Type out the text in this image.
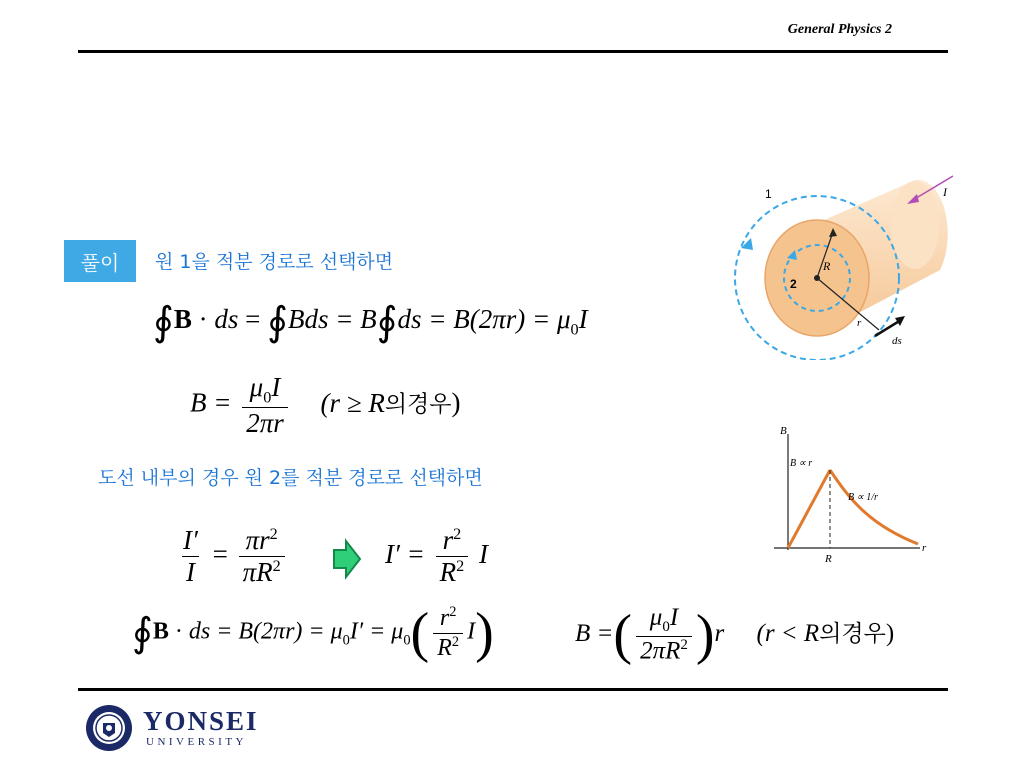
General Physics 2
풀이	원 1을 적분 경로로 선택하면
∮B · ds = ∮Bds = B∮ds = $B(2\pi r) = \mu_0I$
$B = \frac{\mu_0I}{2\pi r} (r \ge R$의경우)
도선 내부의 경우 원 2를 적분 경로로 선택하면
$\frac{I'}{I} = \frac{\pi r^2}{\pi R^2}$	$I' = \frac{r^2}{R^2}$ I
∮B · ds = $B(2\pi r) = \mu_0I' = \mu_0( \frac{r^2}{R^2} I)$	B =( $\frac{\mu_0I}{2\pi R^2} )r$ (r < R의경우)
1
2
R
r
I
ds
B
r
R
B ∝ r
B ∝ 1/r
YONSEI
UNIVERSITY
